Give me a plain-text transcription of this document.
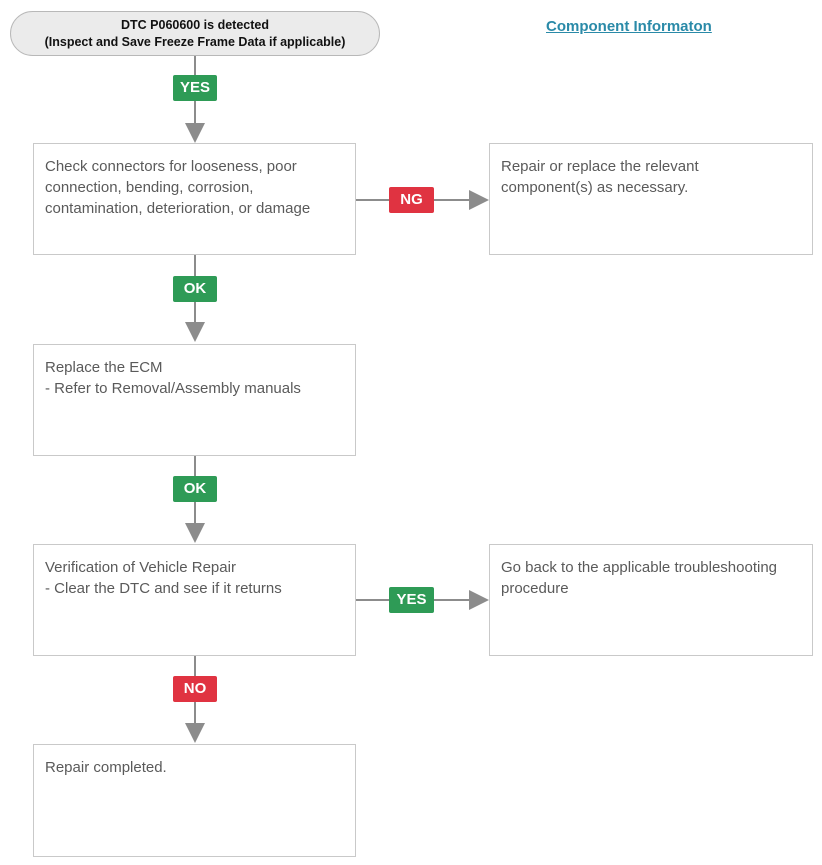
DTC P060600 is detected
(Inspect and Save Freeze Frame Data if applicable)
Component Informaton
YES
Check connectors for looseness, poor
connection, bending, corrosion,
contamination, deterioration, or damage
NG
Repair or replace the relevant
component(s) as necessary.
OK
Replace the ECM
- Refer to Removal/Assembly manuals
OK
Verification of Vehicle Repair
- Clear the DTC and see if it returns
YES
Go back to the applicable troubleshooting
procedure
NO
Repair completed.
